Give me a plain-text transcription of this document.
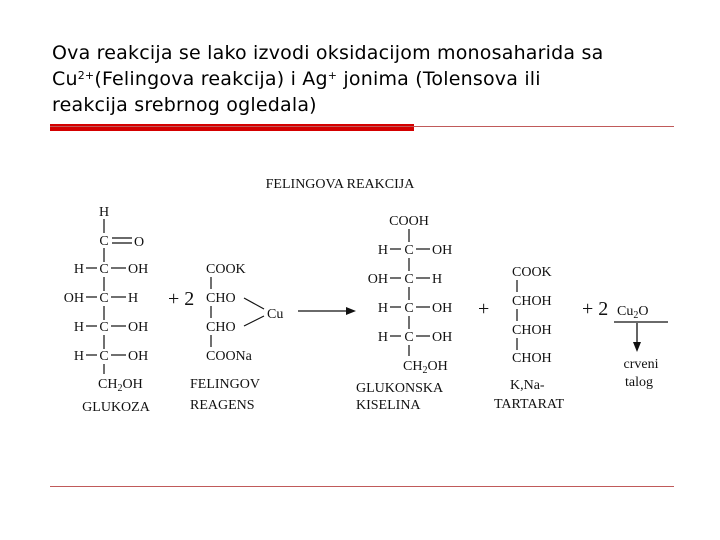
Ova reakcija se lako izvodi oksidacijom monosaharida sa
$Cu^{2+}(Felingova$ reakcija) i Ag+ jonima (Tolensova ili
reakcija srebrnog ogledala)
FELINGOVA REAKCIJA
H
C O
H C OH
OH C H
H C OH
H C OH
$CH_2OH$
GLUKOZA
+ 2
COOK
CHO
CHO
COONa
Cu
FELINGOV
REAGENS
COOH
H C OH
OH C H
H C OH
H C OH
$CH_2OH$
GLUKONSKA
KISELINA
+
COOK
CHOH
CHOH
CHOH
K,Na-
TARTARAT
+ 2 $Cu_2O$
crveni
talog
